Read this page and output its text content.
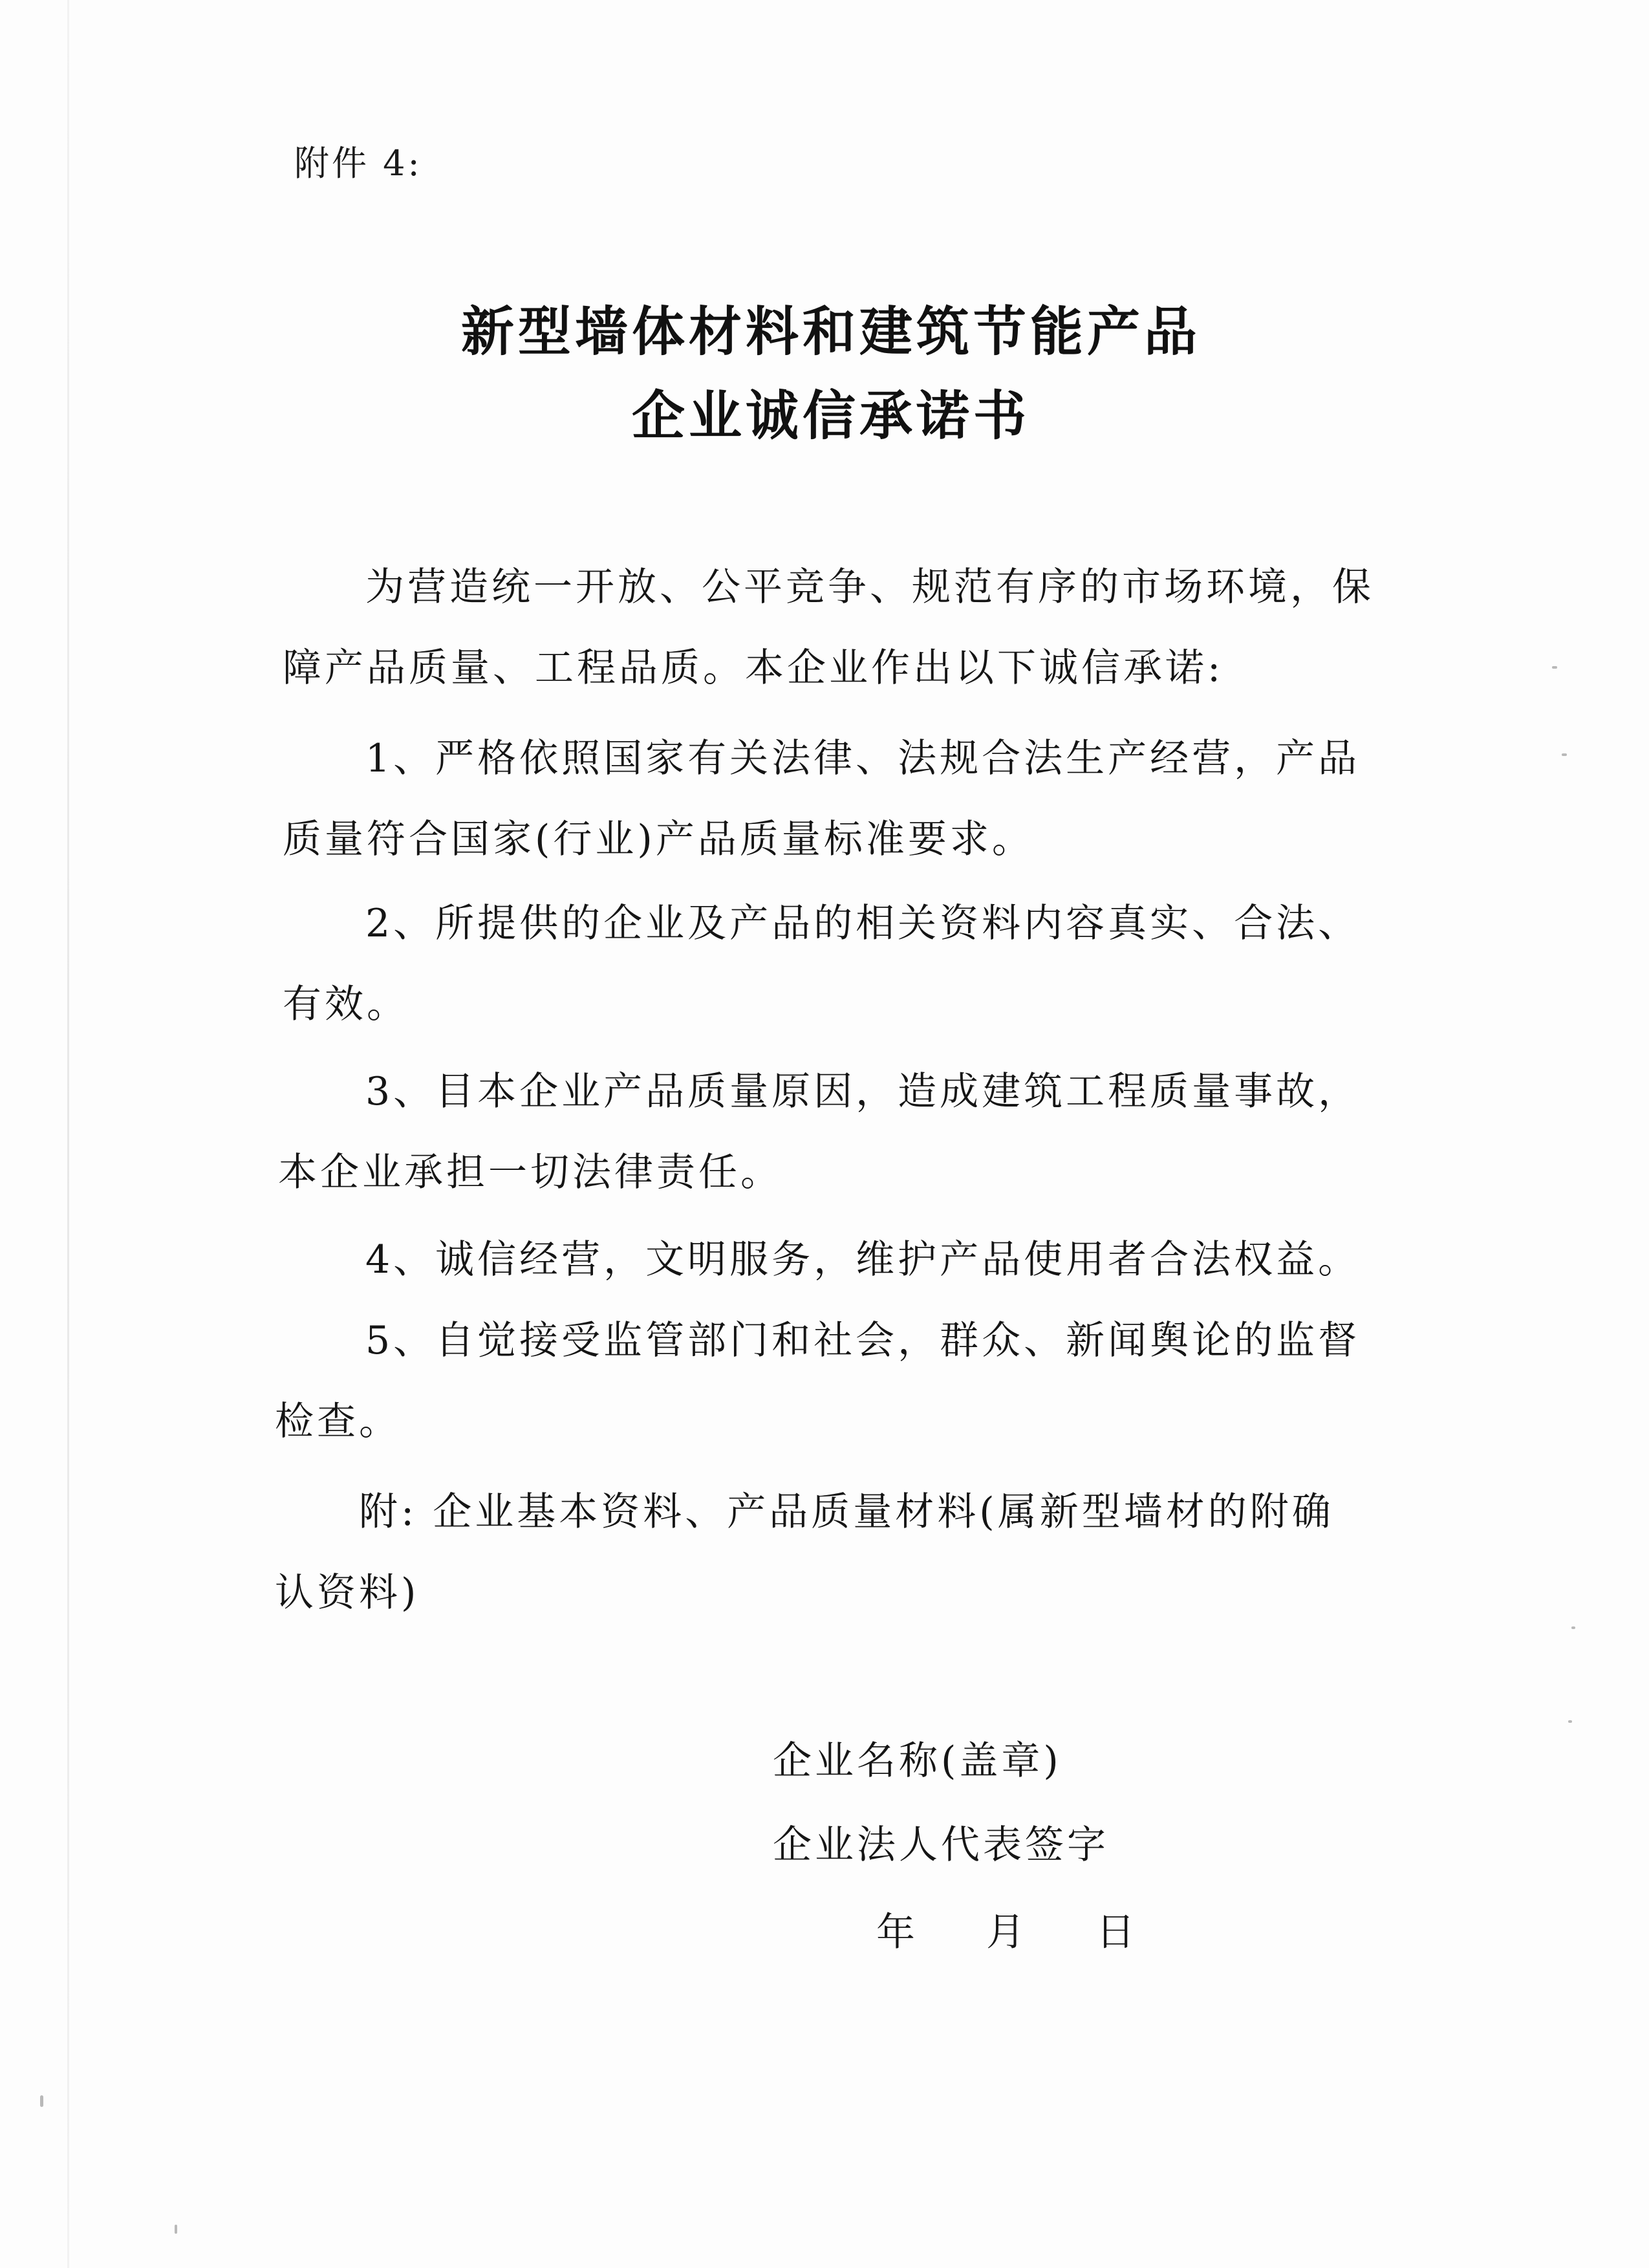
附件 4:
新型墙体材料和建筑节能产品
企业诚信承诺书
为营造统一开放、公平竞争、规范有序的市场环境，保
障产品质量、工程品质。本企业作出以下诚信承诺:
1、严格依照国家有关法律、法规合法生产经营，产品
质量符合国家(行业)产品质量标准要求。
2、所提供的企业及产品的相关资料内容真实、合法、
有效。
3、目本企业产品质量原因，造成建筑工程质量事故，
本企业承担一切法律责任。
4、诚信经营，文明服务，维护产品使用者合法权益。
5、自觉接受监管部门和社会，群众、新闻舆论的监督
检查。
附: 企业基本资料、产品质量材料(属新型墙材的附确
认资料)
企业名称(盖章)
企业法人代表签字
年 月 日
